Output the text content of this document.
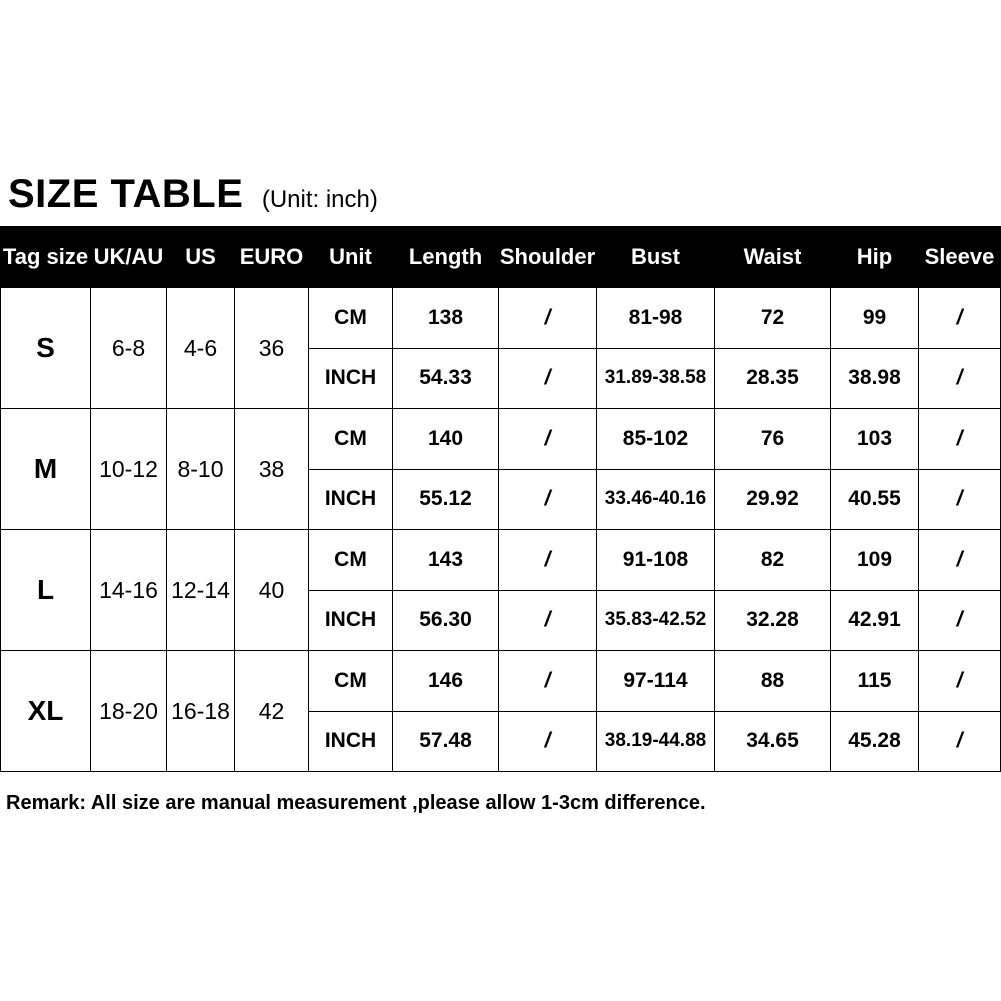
SIZE TABLE (Unit: inch)
Tag size	UK/AU	US	EURO	Unit	Length	Shoulder	Bust	Waist	Hip	Sleeve
S	6-8	4-6	36	CM	138	/	81-98	72	99	/
				INCH	54.33	/	31.89-38.58	28.35	38.98	/
M	10-12	8-10	38	CM	140	/	85-102	76	103	/
				INCH	55.12	/	33.46-40.16	29.92	40.55	/
L	14-16	12-14	40	CM	143	/	91-108	82	109	/
				INCH	56.30	/	35.83-42.52	32.28	42.91	/
XL	18-20	16-18	42	CM	146	/	97-114	88	115	/
				INCH	57.48	/	38.19-44.88	34.65	45.28	/
Remark: All size are manual measurement ,please allow 1-3cm difference.
